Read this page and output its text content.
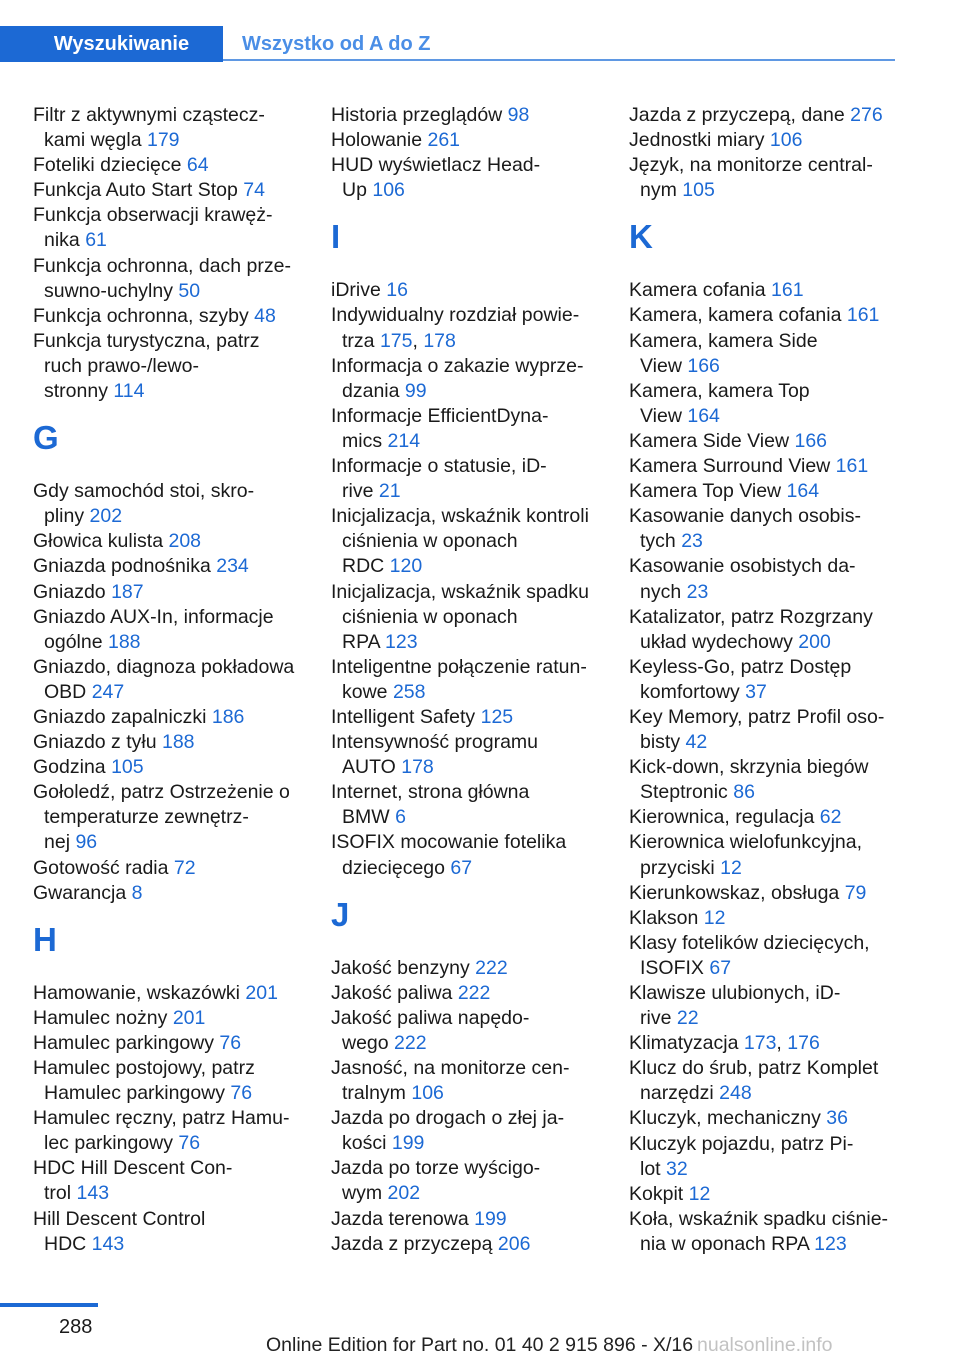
Wyszukiwanie	Wszystko od A do Z
Filtr z aktywnymi cząstecz‐
kami węgla 179
Foteliki dziecięce 64
Funkcja Auto Start Stop 74
Funkcja obserwacji krawęż‐
nika 61
Funkcja ochronna, dach prze‐
suwno-uchylny 50
Funkcja ochronna, szyby 48
Funkcja turystyczna, patrz
ruch prawo-/lewo‐
stronny 114
G
Gdy samochód stoi, skro‐
pliny 202
Głowica kulista 208
Gniazda podnośnika 234
Gniazdo 187
Gniazdo AUX-In, informacje
ogólne 188
Gniazdo, diagnoza pokładowa
OBD 247
Gniazdo zapalniczki 186
Gniazdo z tyłu 188
Godzina 105
Gołoledź, patrz Ostrzeżenie o
temperaturze zewnętrz‐
nej 96
Gotowość radia 72
Gwarancja 8
H
Hamowanie, wskazówki 201
Hamulec nożny 201
Hamulec parkingowy 76
Hamulec postojowy, patrz
Hamulec parkingowy 76
Hamulec ręczny, patrz Hamu‐
lec parkingowy 76
HDC Hill Descent Con‐
trol 143
Hill Descent Control
HDC 143
Historia przeglądów 98
Holowanie 261
HUD wyświetlacz Head-
Up 106
I
iDrive 16
Indywidualny rozdział powie‐
trza 175, 178
Informacja o zakazie wyprze‐
dzania 99
Informacje EfficientDyna‐
mics 214
Informacje o statusie, iD‐
rive 21
Inicjalizacja, wskaźnik kontroli
ciśnienia w oponach
RDC 120
Inicjalizacja, wskaźnik spadku
ciśnienia w oponach
RPA 123
Inteligentne połączenie ratun‐
kowe 258
Intelligent Safety 125
Intensywność programu
AUTO 178
Internet, strona główna
BMW 6
ISOFIX mocowanie fotelika
dziecięcego 67
J
Jakość benzyny 222
Jakość paliwa 222
Jakość paliwa napędo‐
wego 222
Jasność, na monitorze cen‐
tralnym 106
Jazda po drogach o złej ja‐
kości 199
Jazda po torze wyścigo‐
wym 202
Jazda terenowa 199
Jazda z przyczepą 206
Jazda z przyczepą, dane 276
Jednostki miary 106
Język, na monitorze central‐
nym 105
K
Kamera cofania 161
Kamera, kamera cofania 161
Kamera, kamera Side
View 166
Kamera, kamera Top
View 164
Kamera Side View 166
Kamera Surround View 161
Kamera Top View 164
Kasowanie danych osobis‐
tych 23
Kasowanie osobistych da‐
nych 23
Katalizator, patrz Rozgrzany
układ wydechowy 200
Keyless-Go, patrz Dostęp
komfortowy 37
Key Memory, patrz Profil oso‐
bisty 42
Kick-down, skrzynia biegów
Steptronic 86
Kierownica, regulacja 62
Kierownica wielofunkcyjna,
przyciski 12
Kierunkowskaz, obsługa 79
Klakson 12
Klasy fotelików dziecięcych,
ISOFIX 67
Klawisze ulubionych, iD‐
rive 22
Klimatyzacja 173, 176
Klucz do śrub, patrz Komplet
narzędzi 248
Kluczyk, mechaniczny 36
Kluczyk pojazdu, patrz Pi‐
lot 32
Kokpit 12
Koła, wskaźnik spadku ciśnie‐
nia w oponach RPA 123
288
Online Edition for Part no. 01 40 2 915 896 - X/16 nualsonline.info
